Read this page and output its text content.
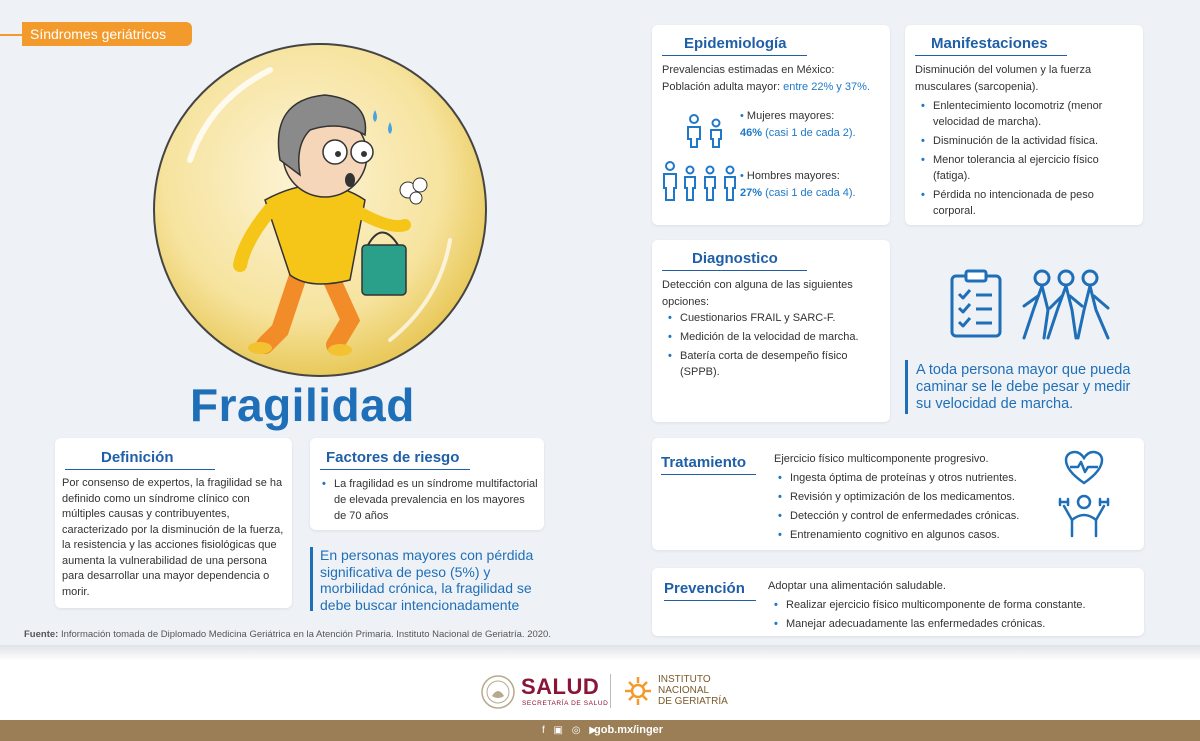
Síndromes geriátricos
Fragilidad
Epidemiología
Prevalencias estimadas en México:
Población adulta mayor: entre 22% y 37%.
• Mujeres mayores:
46% (casi 1 de cada 2).
• Hombres mayores:
27% (casi 1 de cada 4).
Manifestaciones
Disminución del volumen y la fuerza musculares (sarcopenia).
• Enlentecimiento locomotriz (menor velocidad de marcha).
• Disminución de la actividad física.
• Menor tolerancia al ejercicio físico (fatiga).
• Pérdida no intencionada de peso corporal.
Diagnostico
Detección con alguna de las siguientes opciones:
• Cuestionarios FRAIL y SARC-F.
• Medición de la velocidad de marcha.
• Batería corta de desempeño físico (SPPB).	A toda persona mayor que pueda caminar se le debe pesar y medir su velocidad de marcha.
Definición
Por consenso de expertos, la fragilidad se ha definido como un síndrome clínico con múltiples causas y contribuyentes, caracterizado por la disminución de la fuerza, la resistencia y las acciones fisiológicas que aumenta la vulnerabilidad de una persona para desarrollar una mayor dependencia o morir.
Factores de riesgo
• La fragilidad es un síndrome multifactorial de elevada prevalencia en los mayores de 70 años
En personas mayores con pérdida significativa de peso (5%) y morbilidad crónica, la fragilidad se debe buscar intencionadamente
Fuente: Información tomada de Diplomado Medicina Geriátrica en la Atención Primaria. Instituto Nacional de Geriatría. 2020.
Tratamiento	Ejercicio físico multicomponente progresivo.
• Ingesta óptima de proteínas y otros nutrientes.
• Revisión y optimización de los medicamentos.
• Detección y control de enfermedades crónicas.
• Entrenamiento cognitivo en algunos casos.
Prevención	Adoptar una alimentación saludable.
• Realizar ejercicio físico multicomponente de forma constante.
• Manejar adecuadamente las enfermedades crónicas.
SALUD
SECRETARÍA DE SALUD
INSTITUTO
NACIONAL
DE GERIATRÍA
f ▣ ◎ ▶
gob.mx/inger
